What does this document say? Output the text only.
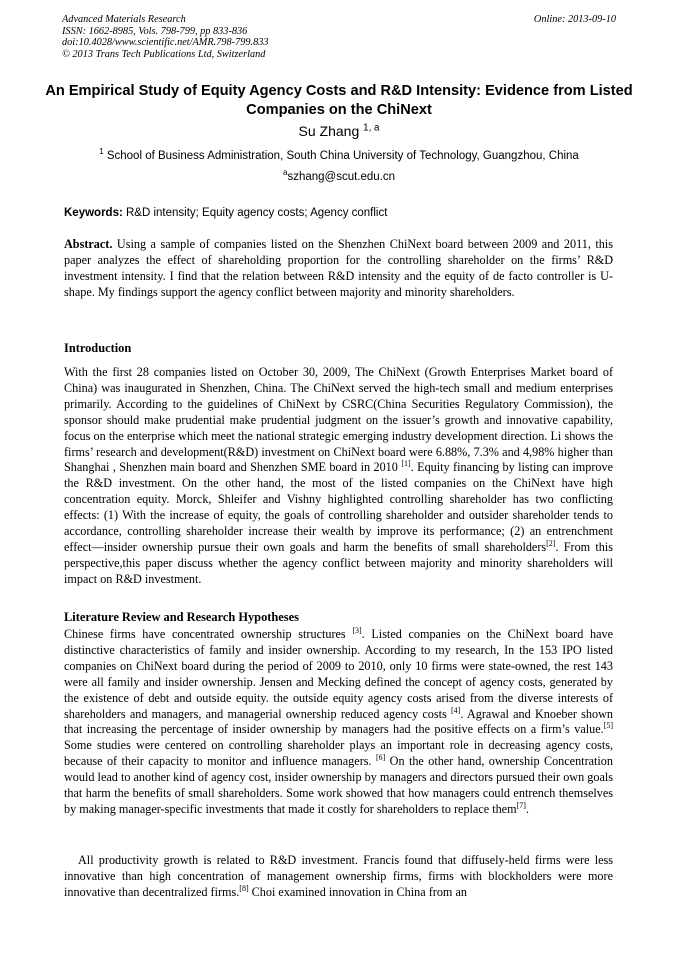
Advanced Materials Research
ISSN: 1662-8985, Vols. 798-799, pp 833-836
doi:10.4028/www.scientific.net/AMR.798-799.833
© 2013 Trans Tech Publications Ltd, Switzerland
Online: 2013-09-10
An Empirical Study of Equity Agency Costs and R&D Intensity: Evidence from Listed Companies on the ChiNext
Su Zhang $^{1, a}$
$^1$ School of Business Administration, South China University of Technology, Guangzhou, China
$^a$szhang@scut.edu.cn
Keywords: R&D intensity; Equity agency costs; Agency conflict

Abstract. Using a sample of companies listed on the Shenzhen ChiNext board between 2009 and 2011, this paper analyzes the effect of shareholding proportion for the controlling shareholder on the firms’ R&D investment intensity. I find that the relation between R&D intensity and the equity of de facto controller is U-shape. My findings support the agency conflict between majority and minority shareholders.

Introduction

With the first 28 companies listed on October 30, 2009, The ChiNext (Growth Enterprises Market board of China) was inaugurated in Shenzhen, China. The ChiNext served the high-tech small and medium enterprises primarily. According to the guidelines of ChiNext by CSRC(China Securities Regulatory Commission), the sponsor should make prudential make prudential judgment on the issuer’s growth and innovative capability, focus on the enterprise which meet the national strategic emerging industry development direction. Li shows the firms’ research and development(R&D) investment on ChiNext board were 6.88%, 7.3% and 4,98% higher than Shanghai , Shenzhen main board and Shenzhen SME board in 2010 [1]. Equity financing by listing can improve the R&D investment. On the other hand, the most of the listed companies on the ChiNext have high concentration equity. Morck, Shleifer and Vishny highlighted controlling shareholder has two conflicting effects: (1) With the increase of equity, the goals of controlling shareholder and outsider shareholder tends to accordance, controlling shareholder increase their wealth by improve its performance; (2) an entrenchment effect—insider ownership pursue their own goals and harm the benefits of small shareholders[2]. From this perspective,this paper discuss whether the agency conflict between majority and minority shareholders will impact on R&D investment.

Literature Review and Research Hypotheses

Chinese firms have concentrated ownership structures [3]. Listed companies on the ChiNext board have distinctive characteristics of family and insider ownership. According to my research, In the 153 IPO listed companies on ChiNext board during the period of 2009 to 2010, only 10 firms were state-owned, the rest 143 were all family and insider ownership. Jensen and Mecking defined the concept of agency costs, generated by the existence of debt and outside equity. the outside equity agency costs arised from the diverse interests of shareholders and managers, and managerial ownership reduced agency costs [4]. Agrawal and Knoeber shown that increasing the percentage of insider ownership by managers had the positive effects on a firm’s value.[5] Some studies were centered on controlling shareholder plays an important role in decreasing agency costs, because of their capacity to monitor and influence managers. [6] On the other hand, ownership Concentration would lead to another kind of agency cost, insider ownership by managers and directors pursued their own goals that harm the benefits of small shareholders. Some work showed that how managers could entrench themselves by making manager-specific investments that made it costly for shareholders to replace them[7].

All productivity growth is related to R&D investment. Francis found that diffusely-held firms were less innovative than high concentration of management ownership firms, firms with blockholders were more innovative than decentralized firms.[8] Choi examined innovation in China from an
